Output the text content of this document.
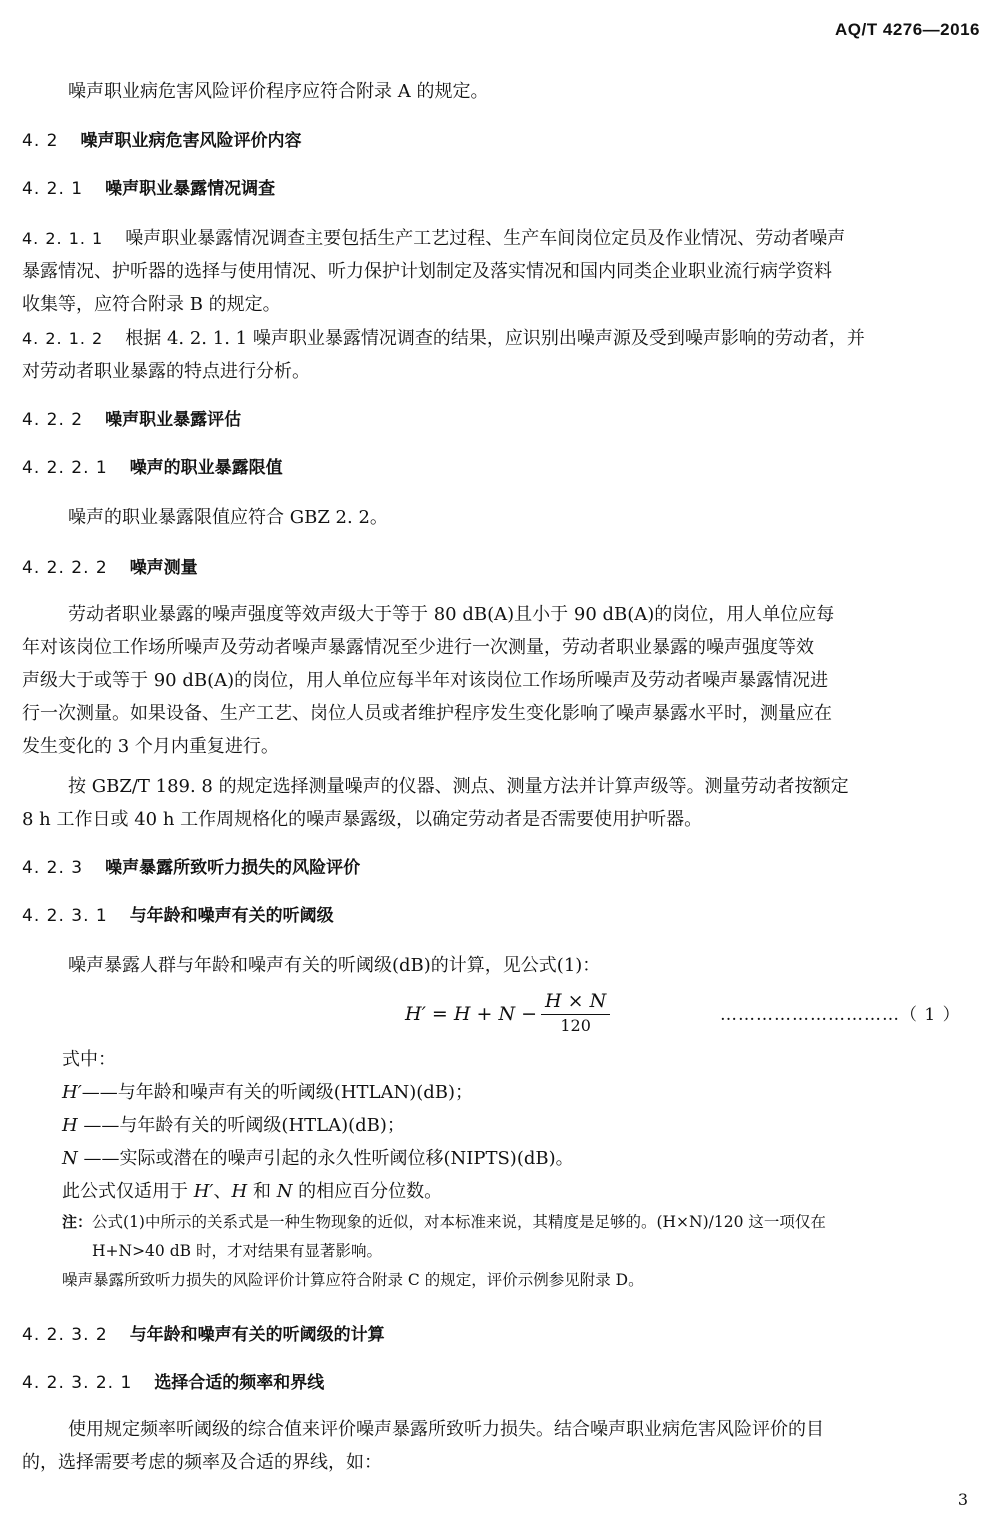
AQ/T 4276—2016

噪声职业病危害风险评价程序应符合附录 A 的规定。

4. 2 噪声职业病危害风险评价内容
4. 2. 1 噪声职业暴露情况调查

4. 2. 1. 1 噪声职业暴露情况调查主要包括生产工艺过程、生产车间岗位定员及作业情况、劳动者噪声

暴露情况、护听器的选择与使用情况、听力保护计划制定及落实情况和国内同类企业职业流行病学资料

收集等，应符合附录 B 的规定。

4. 2. 1. 2 根据 4. 2. 1. 1 噪声职业暴露情况调查的结果，应识别出噪声源及受到噪声影响的劳动者，并

对劳动者职业暴露的特点进行分析。

4. 2. 2 噪声职业暴露评估
4. 2. 2. 1 噪声的职业暴露限值

噪声的职业暴露限值应符合 GBZ 2. 2。

4. 2. 2. 2 噪声测量

劳动者职业暴露的噪声强度等效声级大于等于 80 dB(A)且小于 90 dB(A)的岗位，用人单位应每

年对该岗位工作场所噪声及劳动者噪声暴露情况至少进行一次测量，劳动者职业暴露的噪声强度等效

声级大于或等于 90 dB(A)的岗位，用人单位应每半年对该岗位工作场所噪声及劳动者噪声暴露情况进

行一次测量。如果设备、生产工艺、岗位人员或者维护程序发生变化影响了噪声暴露水平时，测量应在

发生变化的 3 个月内重复进行。

按 GBZ/T 189. 8 的规定选择测量噪声的仪器、测点、测量方法并计算声级等。测量劳动者按额定

8 h 工作日或 40 h 工作周规格化的噪声暴露级，以确定劳动者是否需要使用护听器。

4. 2. 3 噪声暴露所致听力损失的风险评价
4. 2. 3. 1 与年龄和噪声有关的听阈级

噪声暴露人群与年龄和噪声有关的听阈级(dB)的计算，见公式(1)：

$H' = H + N - \frac{H \times N}{120}$	…………………………（ 1 ）

式中：

H′——与年龄和噪声有关的听阈级(HTLAN)(dB)；

H ——与年龄有关的听阈级(HTLA)(dB)；

N ——实际或潜在的噪声引起的永久性听阈位移(NIPTS)(dB)。

此公式仅适用于 H′、H 和 N 的相应百分位数。

注：公式(1)中所示的关系式是一种生物现象的近似，对本标准来说，其精度是足够的。(H×N)/120 这一项仅在

H+N>40 dB 时，才对结果有显著影响。

噪声暴露所致听力损失的风险评价计算应符合附录 C 的规定，评价示例参见附录 D。

4. 2. 3. 2 与年龄和噪声有关的听阈级的计算
4. 2. 3. 2. 1 选择合适的频率和界线

使用规定频率听阈级的综合值来评价噪声暴露所致听力损失。结合噪声职业病危害风险评价的目

的，选择需要考虑的频率及合适的界线，如：

3
